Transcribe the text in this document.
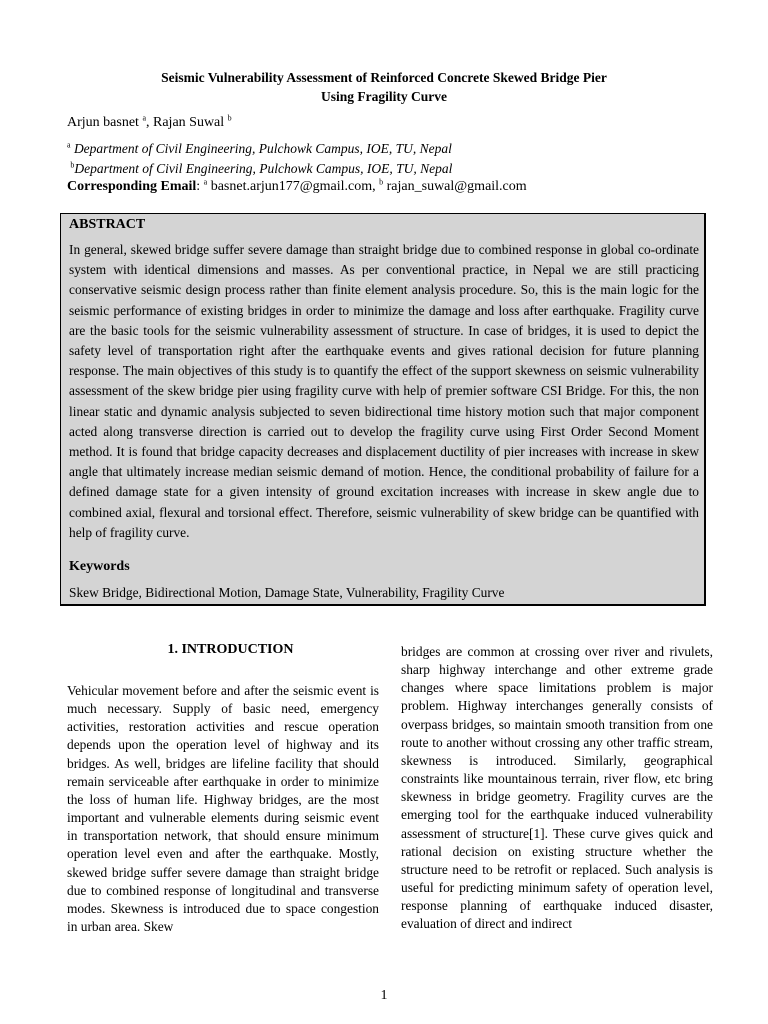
Seismic Vulnerability Assessment of Reinforced Concrete Skewed Bridge Pier
Using Fragility Curve
Arjun basnet $^a$, Rajan Suwal $^b$
$^a$ Department of Civil Engineering, Pulchowk Campus, IOE, TU, Nepal
$^b$Department of Civil Engineering, Pulchowk Campus, IOE, TU, Nepal
Corresponding Email: $^a$ basnet.arjun177@gmail.com, $^b$ rajan_suwal@gmail.com
ABSTRACT
In general, skewed bridge suffer severe damage than straight bridge due to combined response in global co-ordinate system with identical dimensions and masses. As per conventional practice, in Nepal we are still practicing conservative seismic design process rather than finite element analysis procedure. So, this is the main logic for the seismic performance of existing bridges in order to minimize the damage and loss after earthquake. Fragility curve are the basic tools for the seismic vulnerability assessment of structure. In case of bridges, it is used to depict the safety level of transportation right after the earthquake events and gives rational decision for future planning response. The main objectives of this study is to quantify the effect of the support skewness on seismic vulnerability assessment of the skew bridge pier using fragility curve with help of premier software CSI Bridge. For this, the non linear static and dynamic analysis subjected to seven bidirectional time history motion such that major component acted along transverse direction is carried out to develop the fragility curve using First Order Second Moment method. It is found that bridge capacity decreases and displacement ductility of pier increases with increase in skew angle that ultimately increase median seismic demand of motion. Hence, the conditional probability of failure for a defined damage state for a given intensity of ground excitation increases with increase in skew angle due to combined axial, flexural and torsional effect. Therefore, seismic vulnerability of skew bridge can be quantified with help of fragility curve.
Keywords
Skew Bridge, Bidirectional Motion, Damage State, Vulnerability, Fragility Curve
1. INTRODUCTION
Vehicular movement before and after the seismic event is much necessary. Supply of basic need, emergency activities, restoration activities and rescue operation depends upon the operation level of highway and its bridges. As well, bridges are lifeline facility that should remain serviceable after earthquake in order to minimize the loss of human life. Highway bridges, are the most important and vulnerable elements during seismic event in transportation network, that should ensure minimum operation level even and after the earthquake. Mostly, skewed bridge suffer severe damage than straight bridge due to combined response of longitudinal and transverse modes. Skewness is introduced due to space congestion in urban area. Skew
bridges are common at crossing over river and rivulets, sharp highway interchange and other extreme grade changes where space limitations problem is major problem. Highway interchanges generally consists of overpass bridges, so maintain smooth transition from one route to another without crossing any other traffic stream, skewness is introduced. Similarly, geographical constraints like mountainous terrain, river flow, etc bring skewness in bridge geometry. Fragility curves are the emerging tool for the earthquake induced vulnerability assessment of structure[1]. These curve gives quick and rational decision on existing structure whether the structure need to be retrofit or replaced. Such analysis is useful for predicting minimum safety of operation level, response planning of earthquake induced disaster, evaluation of direct and indirect
1
